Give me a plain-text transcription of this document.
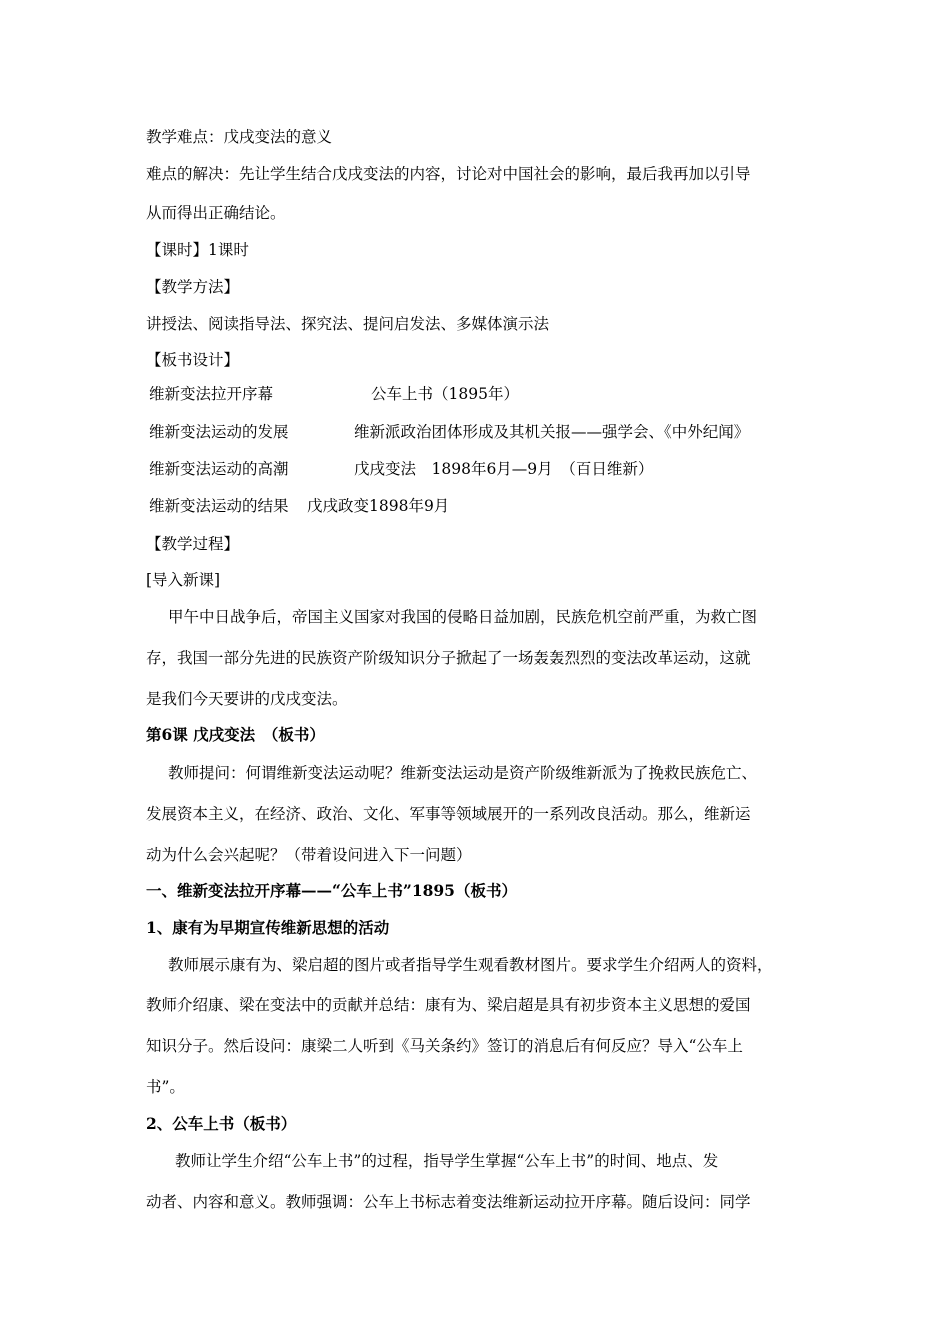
教学难点：戊戌变法的意义
难点的解决：先让学生结合戊戌变法的内容，讨论对中国社会的影响，最后我再加以引导
从而得出正确结论。
【课时】1课时
【教学方法】
讲授法、阅读指导法、探究法、提问启发法、多媒体演示法
【板书设计】
维新变法拉开序幕	公车上书（1895年）
维新变法运动的发展	维新派政治团体形成及其机关报——强学会、《中外纪闻》
维新变法运动的高潮	戊戌变法　1898年6月—9月　（百日维新）
维新变法运动的结果 戊戌政变1898年9月
【教学过程】
[导入新课]
甲午中日战争后，帝国主义国家对我国的侵略日益加剧，民族危机空前严重，为救亡图
存，我国一部分先进的民族资产阶级知识分子掀起了一场轰轰烈烈的变法改革运动，这就
是我们今天要讲的戊戌变法。
第6课 戊戌变法　（板书）
教师提问：何谓维新变法运动呢？维新变法运动是资产阶级维新派为了挽救民族危亡、
发展资本主义，在经济、政治、文化、军事等领域展开的一系列改良活动。那么，维新运
动为什么会兴起呢？（带着设问进入下一问题）
一、维新变法拉开序幕——“公车上书”1895（板书）
1、康有为早期宣传维新思想的活动
教师展示康有为、梁启超的图片或者指导学生观看教材图片。要求学生介绍两人的资料，
教师介绍康、梁在变法中的贡献并总结：康有为、梁启超是具有初步资本主义思想的爱国
知识分子。然后设问：康梁二人听到《马关条约》签订的消息后有何反应？导入“公车上
书”。
2、公车上书（板书）
教师让学生介绍“公车上书”的过程，指导学生掌握“公车上书”的时间、地点、发
动者、内容和意义。教师强调：公车上书标志着变法维新运动拉开序幕。随后设问：同学
